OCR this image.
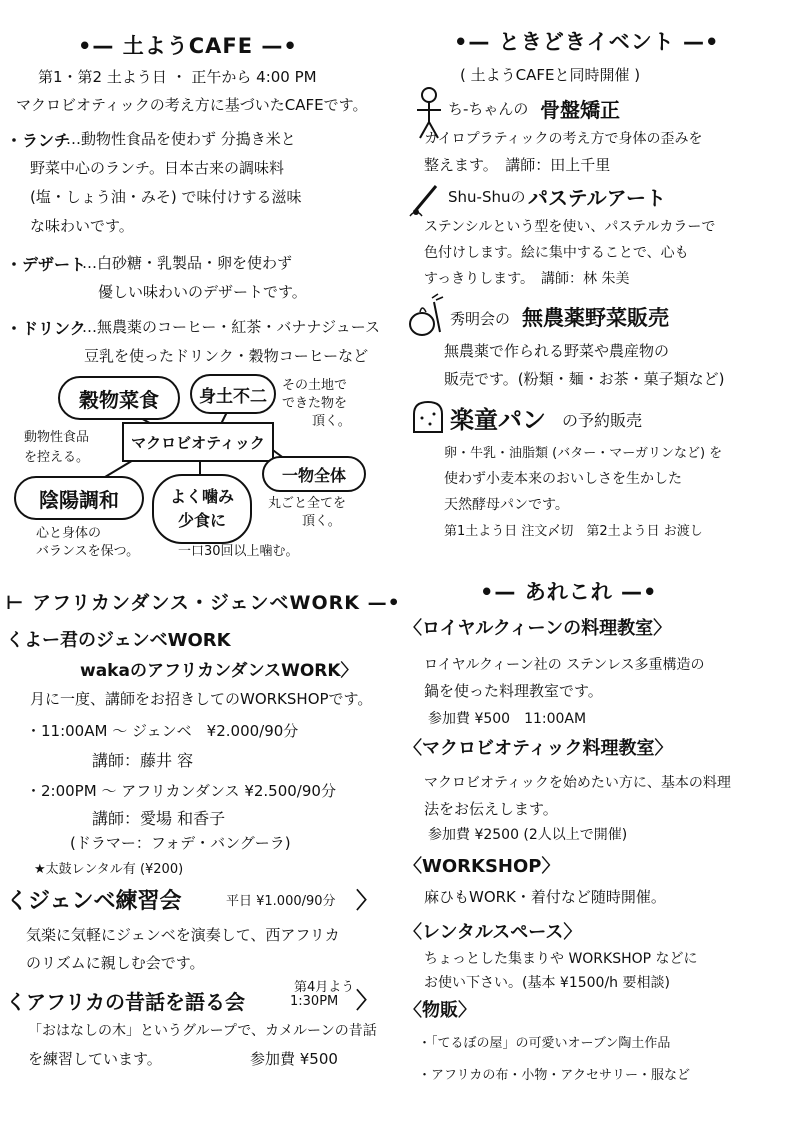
•— 土ようCAFE —•
第1・第2 土よう日 ・ 正午から 4:00 PM
マクロビオティックの考え方に基づいたCAFEです。
・ランチ
…動物性食品を使わず 分搗き米と
野菜中心のランチ。日本古来の調味料
(塩・しょう油・みそ) で味付けする滋味
な味わいです。
・デザート
…白砂糖・乳製品・卵を使わず
優しい味わいのデザートです。
・ドリンク
…無農薬のコーヒー・紅茶・バナナジュース
豆乳を使ったドリンク・穀物コーヒーなど
穀物菜食	身土不二
その土地で
できた物を
頂く。
動物性食品
を控える。
マクロビオティック
一物全体
丸ごと全てを
頂く。
陰陽調和
心と身体の
バランスを保つ。
よく噛み
少食に
一口30回以上噛む。
⊢ アフリカンダンス・ジェンベWORK —•
くよー君のジェンベWORK
wakaのアフリカンダンスWORK〉
月に一度、講師をお招きしてのWORKSHOPです。
・11:00AM ～ ジェンベ　¥2.000/90分
講師：藤井 容
・2:00PM ～ アフリカンダンス ¥2.500/90分
講師：愛場 和香子
(ドラマー：フォデ・バングーラ)
★太鼓レンタル有 (¥200)
くジェンベ練習会	平日 ¥1.000/90分 〉
気楽に気軽にジェンベを演奏して、西アフリカ
のリズムに親しむ会です。
くアフリカの昔話を語る会
第4月よう
1:30PM 〉
「おはなしの木」というグループで、カメルーンの昔話
を練習しています。	参加費 ¥500
•— ときどきイベント —•
( 土ようCAFEと同時開催 )
ち-ちゃんの 骨盤矯正
カイロプラティックの考え方で身体の歪みを
整えます。　講師：田上千里
Shu-Shuの パステルアート
ステンシルという型を使い、パステルカラーで
色付けします。絵に集中することで、心も
すっきりします。　講師：林 朱美
秀明会の 無農薬野菜販売
無農薬で作られる野菜や農産物の
販売です。(粉類・麺・お茶・菓子類など)
楽童パン の予約販売
卵・牛乳・油脂類 (バター・マーガリンなど) を
使わず小麦本来のおいしさを生かした
天然酵母パンです。
第1土よう日 注文〆切　第2土よう日 お渡し
•— あれこれ —•
〈ロイヤルクィーンの料理教室〉
ロイヤルクィーン社の ステンレス多重構造の
鍋を使った料理教室です。
参加費 ¥500　11:00AM
〈マクロビオティック料理教室〉
マクロビオティックを始めたい方に、基本の料理
法をお伝えします。
参加費 ¥2500 (2人以上で開催)
〈WORKSHOP〉
麻ひもWORK・着付など随時開催。
〈レンタルスペース〉
ちょっとした集まりや WORKSHOP などに
お使い下さい。(基本 ¥1500/h 要相談)
〈物販〉
・「てるぼの屋」の可愛いオーブン陶土作品
・アフリカの布・小物・アクセサリー・服など
